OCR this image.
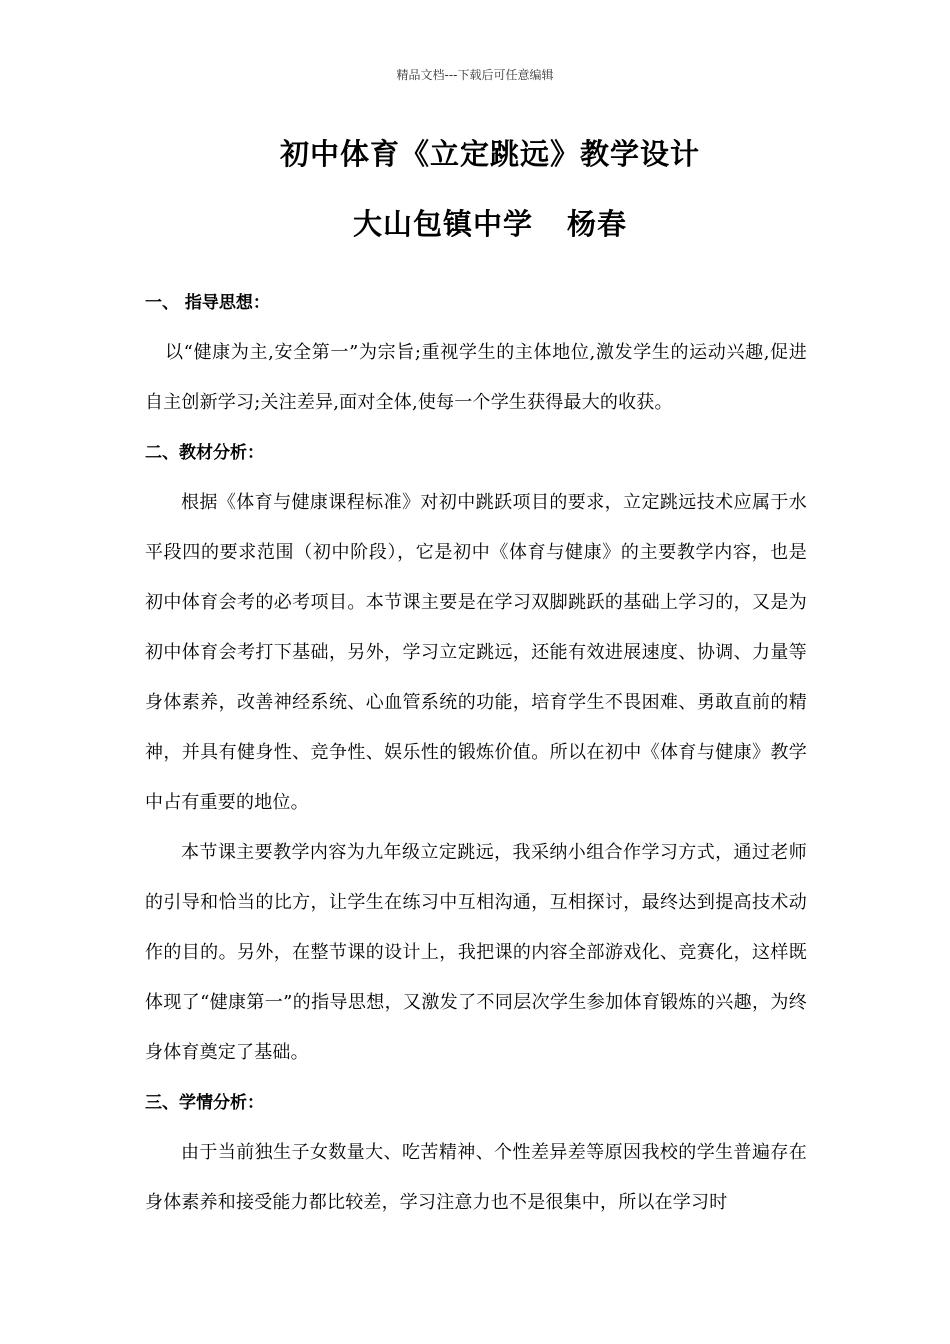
精品文档---下载后可任意编辑
初中体育《立定跳远》教学设计
大山包镇中学 杨春

一、 指导思想：

以“健康为主,安全第一”为宗旨;重视学生的主体地位,激发学生的运动兴趣,促进自主创新学习;关注差异,面对全体,使每一个学生获得最大的收获。

二、教材分析：

根据《体育与健康课程标准》对初中跳跃项目的要求，立定跳远技术应属于水平段四的要求范围（初中阶段），它是初中《体育与健康》的主要教学内容，也是初中体育会考的必考项目。本节课主要是在学习双脚跳跃的基础上学习的，又是为初中体育会考打下基础，另外，学习立定跳远，还能有效进展速度、协调、力量等身体素养，改善神经系统、心血管系统的功能，培育学生不畏困难、勇敢直前的精神，并具有健身性、竞争性、娱乐性的锻炼价值。所以在初中《体育与健康》教学中占有重要的地位。

本节课主要教学内容为九年级立定跳远，我采纳小组合作学习方式，通过老师的引导和恰当的比方，让学生在练习中互相沟通，互相探讨，最终达到提高技术动作的目的。另外，在整节课的设计上，我把课的内容全部游戏化、竞赛化，这样既体现了“健康第一”的指导思想，又激发了不同层次学生参加体育锻炼的兴趣，为终身体育奠定了基础。

三、学情分析：

由于当前独生子女数量大、吃苦精神、个性差异差等原因我校的学生普遍存在身体素养和接受能力都比较差，学习注意力也不是很集中，所以在学习时
